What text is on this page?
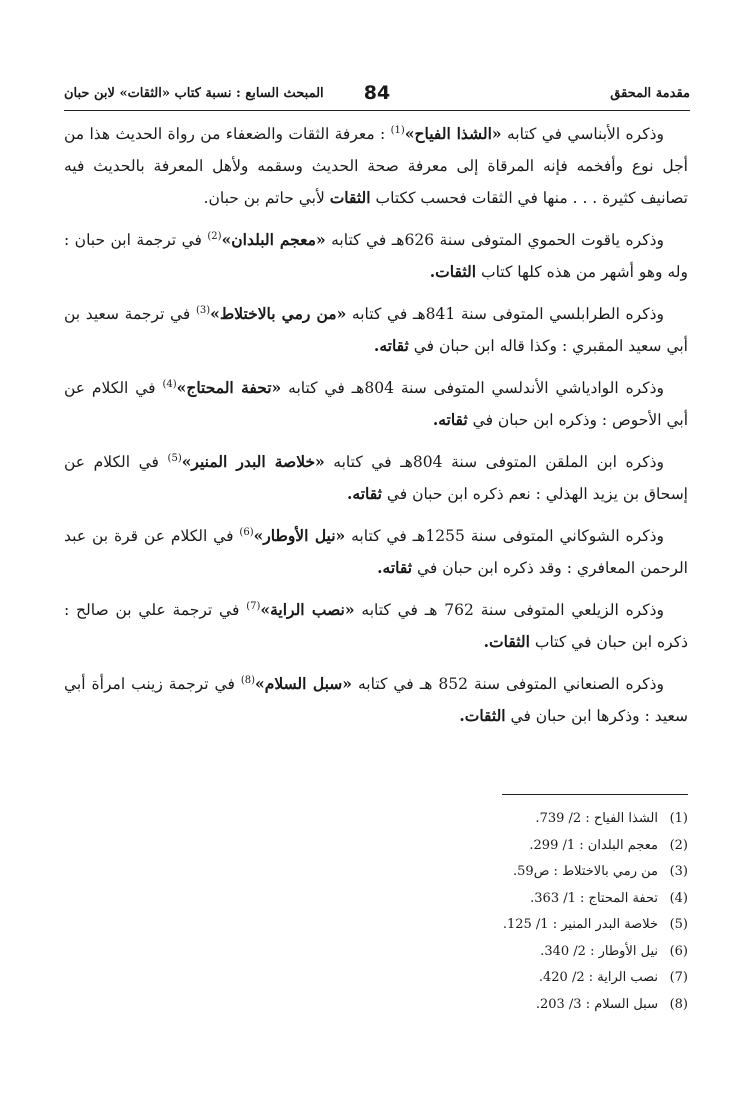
مقدمة المحقق
84
المبحث السابع : نسبة كتاب «الثقات» لابن حبان

وذكره الأبناسي في كتابه «الشذا الفياح»$^{(1)}$ : معرفة الثقات والضعفاء من رواة الحديث هذا من أجل نوع وأفخمه فإنه المرقاة إلى معرفة صحة الحديث وسقمه ولأهل المعرفة بالحديث فيه تصانيف كثيرة . . . منها في الثقات فحسب ككتاب الثقات لأبي حاتم بن حبان.

وذكره ياقوت الحموي المتوفى سنة 626هـ في كتابه «معجم البلدان»$^{(2)}$ في ترجمة ابن حبان : وله وهو أشهر من هذه كلها كتاب الثقات.

وذكره الطرابلسي المتوفى سنة 841هـ في كتابه «من رمي بالاختلاط»$^{(3)}$ في ترجمة سعيد بن أبي سعيد المقبري : وكذا قاله ابن حبان في ثقاته.

وذكره الوادياشي الأندلسي المتوفى سنة 804هـ في كتابه «تحفة المحتاج»$^{(4)}$ في الكلام عن أبي الأحوص : وذكره ابن حبان في ثقاته.

وذكره ابن الملقن المتوفى سنة 804هـ في كتابه «خلاصة البدر المنير»$^{(5)}$ في الكلام عن إسحاق بن يزيد الهذلي : نعم ذكره ابن حبان في ثقاته.

وذكره الشوكاني المتوفى سنة 1255هـ في كتابه «نيل الأوطار»$^{(6)}$ في الكلام عن قرة بن عبد الرحمن المعافري : وقد ذكره ابن حبان في ثقاته.

وذكره الزيلعي المتوفى سنة 762 هـ في كتابه «نصب الراية»$^{(7)}$ في ترجمة علي بن صالح : ذكره ابن حبان في كتاب الثقات.

وذكره الصنعاني المتوفى سنة 852 هـ في كتابه «سبل السلام»$^{(8)}$ في ترجمة زينب امرأة أبي سعيد : وذكرها ابن حبان في الثقات.

(1)الشذا الفياح : 2/ 739.
(2)معجم البلدان : 1/ 299.
(3)من رمي بالاختلاط : ص59.
(4)تحفة المحتاج : 1/ 363.
(5)خلاصة البدر المنير : 1/ 125.
(6)نيل الأوطار : 2/ 340.
(7)نصب الراية : 2/ 420.
(8)سبل السلام : 3/ 203.
